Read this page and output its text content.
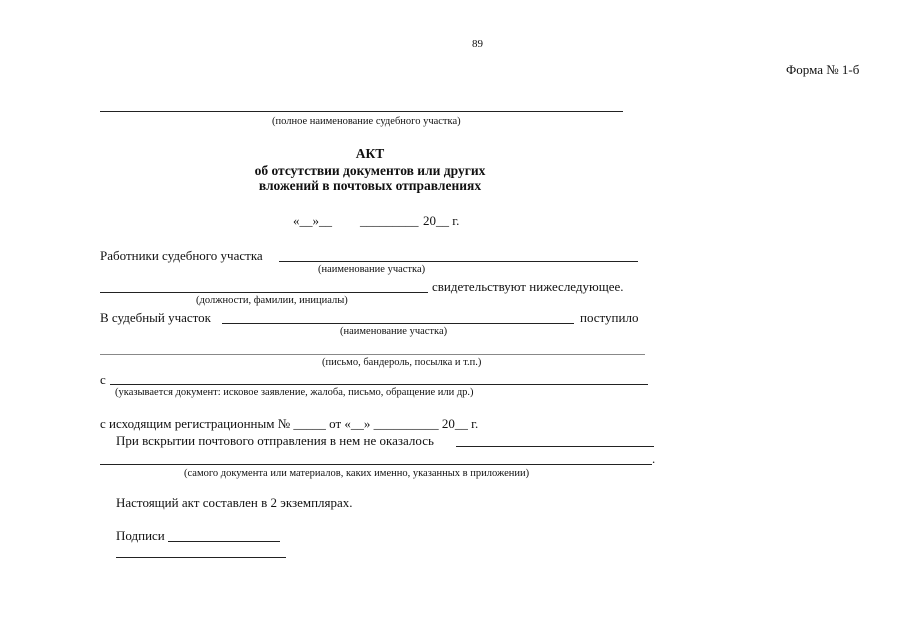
89
Форма № 1-б
(полное наименование судебного участка)
АКТ
об отсутствии документов или других
вложений в почтовых отправлениях
«__»__ _________ 20__ г.
Работники судебного участка
(наименование участка)
свидетельствуют нижеследующее.
(должности, фамилии, инициалы)
В судебный участок	поступило
(наименование участка)
(письмо, бандероль, посылка и т.п.)
с
(указывается документ: исковое заявление, жалоба, письмо, обращение или др.)
с исходящим регистрационным № _____ от «__» __________ 20__ г.
При вскрытии почтового отправления в нем не оказалось
.
(самого документа или материалов, каких именно, указанных в приложении)
Настоящий акт составлен в 2 экземплярах.
Подписи
